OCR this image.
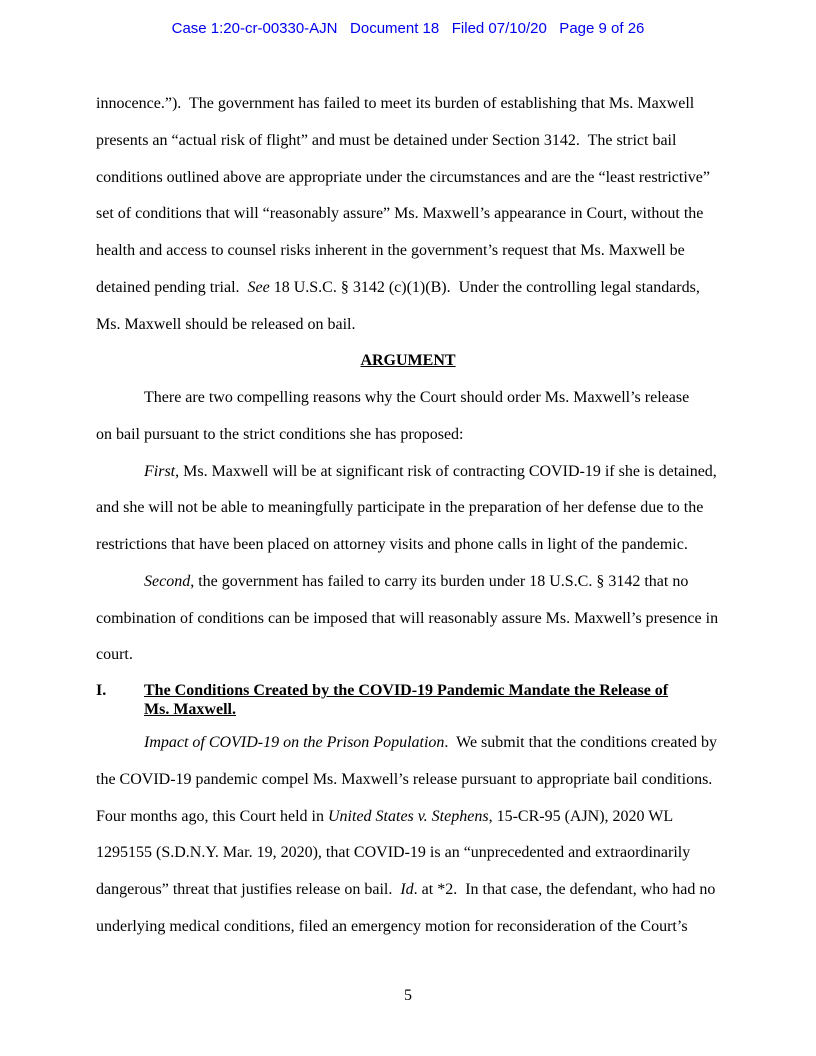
Case 1:20-cr-00330-AJN   Document 18   Filed 07/10/20   Page 9 of 26
innocence.”).  The government has failed to meet its burden of establishing that Ms. Maxwell
presents an “actual risk of flight” and must be detained under Section 3142.  The strict bail
conditions outlined above are appropriate under the circumstances and are the “least restrictive”
set of conditions that will “reasonably assure” Ms. Maxwell’s appearance in Court, without the
health and access to counsel risks inherent in the government’s request that Ms. Maxwell be
detained pending trial.  See 18 U.S.C. § 3142 (c)(1)(B).  Under the controlling legal standards,
Ms. Maxwell should be released on bail.
ARGUMENT
There are two compelling reasons why the Court should order Ms. Maxwell’s release
on bail pursuant to the strict conditions she has proposed:
First, Ms. Maxwell will be at significant risk of contracting COVID-19 if she is detained,
and she will not be able to meaningfully participate in the preparation of her defense due to the
restrictions that have been placed on attorney visits and phone calls in light of the pandemic.
Second, the government has failed to carry its burden under 18 U.S.C. § 3142 that no
combination of conditions can be imposed that will reasonably assure Ms. Maxwell’s presence in
court.
I.	The Conditions Created by the COVID-19 Pandemic Mandate the Release of
Ms. Maxwell.
Impact of COVID-19 on the Prison Population.  We submit that the conditions created by
the COVID-19 pandemic compel Ms. Maxwell’s release pursuant to appropriate bail conditions.
Four months ago, this Court held in United States v. Stephens, 15-CR-95 (AJN), 2020 WL
1295155 (S.D.N.Y. Mar. 19, 2020), that COVID-19 is an “unprecedented and extraordinarily
dangerous” threat that justifies release on bail.  Id. at *2.  In that case, the defendant, who had no
underlying medical conditions, filed an emergency motion for reconsideration of the Court’s
5
